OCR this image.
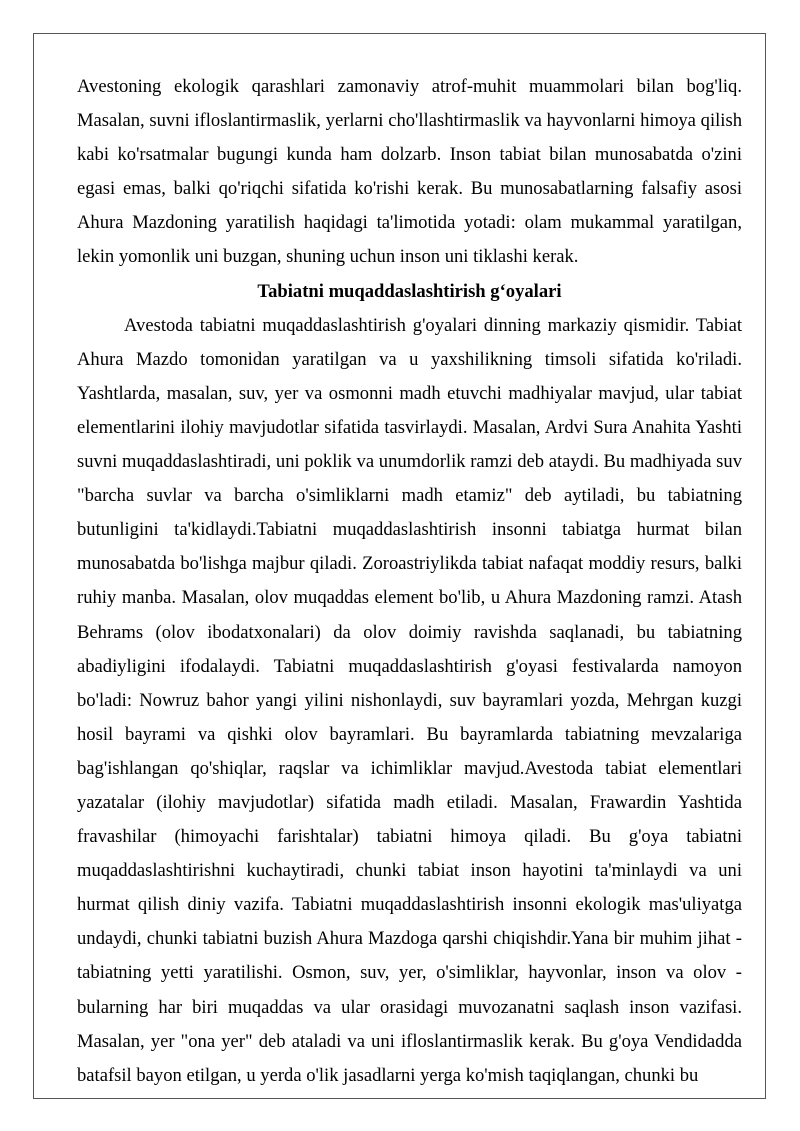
Avestoning ekologik qarashlari zamonaviy atrof-muhit muammolari bilan bog'liq. Masalan, suvni ifloslantirmaslik, yerlarni cho'llashtirmaslik va hayvonlarni himoya qilish kabi ko'rsatmalar bugungi kunda ham dolzarb. Inson tabiat bilan munosabatda o'zini egasi emas, balki qo'riqchi sifatida ko'rishi kerak. Bu munosabatlarning falsafiy asosi Ahura Mazdoning yaratilish haqidagi ta'limotida yotadi: olam mukammal yaratilgan, lekin yomonlik uni buzgan, shuning uchun inson uni tiklashi kerak.

Tabiatni muqaddaslashtirish g‘oyalari

Avestoda tabiatni muqaddaslashtirish g'oyalari dinning markaziy qismidir. Tabiat Ahura Mazdo tomonidan yaratilgan va u yaxshilikning timsoli sifatida ko'riladi. Yashtlarda, masalan, suv, yer va osmonni madh etuvchi madhiyalar mavjud, ular tabiat elementlarini ilohiy mavjudotlar sifatida tasvirlaydi. Masalan, Ardvi Sura Anahita Yashti suvni muqaddaslashtiradi, uni poklik va unumdorlik ramzi deb ataydi. Bu madhiyada suv "barcha suvlar va barcha o'simliklarni madh etamiz" deb aytiladi, bu tabiatning butunligini ta'kidlaydi.Tabiatni muqaddaslashtirish insonni tabiatga hurmat bilan munosabatda bo'lishga majbur qiladi. Zoroastriylikda tabiat nafaqat moddiy resurs, balki ruhiy manba. Masalan, olov muqaddas element bo'lib, u Ahura Mazdoning ramzi. Atash Behrams (olov ibodatxonalari) da olov doimiy ravishda saqlanadi, bu tabiatning abadiyligini ifodalaydi. Tabiatni muqaddaslashtirish g'oyasi festivalarda namoyon bo'ladi: Nowruz bahor yangi yilini nishonlaydi, suv bayramlari yozda, Mehrgan kuzgi hosil bayrami va qishki olov bayramlari. Bu bayramlarda tabiatning mevzalariga bag'ishlangan qo'shiqlar, raqslar va ichimliklar mavjud.Avestoda tabiat elementlari yazatalar (ilohiy mavjudotlar) sifatida madh etiladi. Masalan, Frawardin Yashtida fravashilar (himoyachi farishtalar) tabiatni himoya qiladi. Bu g'oya tabiatni muqaddaslashtirishni kuchaytiradi, chunki tabiat inson hayotini ta'minlaydi va uni hurmat qilish diniy vazifa. Tabiatni muqaddaslashtirish insonni ekologik mas'uliyatga undaydi, chunki tabiatni buzish Ahura Mazdoga qarshi chiqishdir.Yana bir muhim jihat - tabiatning yetti yaratilishi. Osmon, suv, yer, o'simliklar, hayvonlar, inson va olov - bularning har biri muqaddas va ular orasidagi muvozanatni saqlash inson vazifasi. Masalan, yer "ona yer" deb ataladi va uni ifloslantirmaslik kerak. Bu g'oya Vendidadda batafsil bayon etilgan, u yerda o'lik jasadlarni yerga ko'mish taqiqlangan, chunki bu
